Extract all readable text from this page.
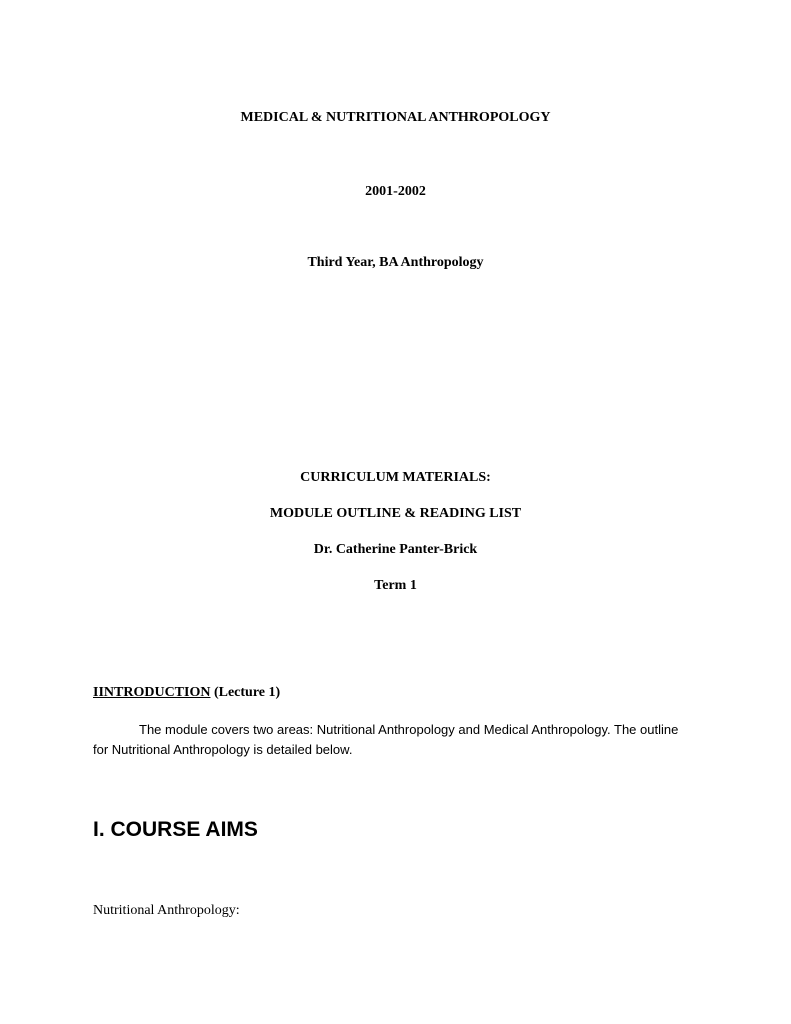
MEDICAL & NUTRITIONAL ANTHROPOLOGY
2001-2002
Third Year, BA Anthropology
CURRICULUM MATERIALS:
MODULE OUTLINE & READING LIST
Dr. Catherine Panter-Brick
Term 1
IINTRODUCTION (Lecture 1)

The module covers two areas: Nutritional Anthropology and Medical Anthropology. The outline for Nutritional Anthropology is detailed below.

I. COURSE AIMS
Nutritional Anthropology:
